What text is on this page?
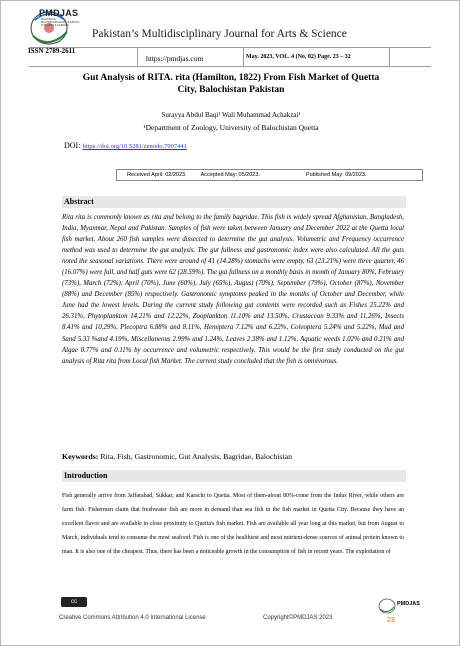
PMDJAS
PAKISTAN'S MULTIDISCIPLINARY JOURNAL FOR ARTS & SCIENCE
Pakistan’s Multidisciplinary Journal for Arts & Science
ISSN 2789-2611
https://pmdjas.com	May. 2023, VOL. 4 (No, 02) Page. 23 – 32
Gut Analysis of RITA. rita (Hamilton, 1822) From Fish Market of Quetta
City, Balochistan Pakistan
Surayya Abdul Baqi¹ Wali Muhammad Achakzai¹
¹Department of Zoology, University of Balochistan Quetta
DOI: https://doi.org/10.5281/zenodo.7907441
Received April: 02/2023.	Accepted May: 05/2023.	Published May: 09/2023.
Abstract
Rita rita is commonly known as rita and belong to the family bagridae. This fish is widely spread Afghanistan, Bangladesh, India, Myanmar, Nepal and Pakistan. Samples of fish were taken between January and December 2022 at the Quetta local fish market. About 260 fish samples were dissected to determine the gut analysis. Volumetric and Frequency occurrence method was used to determine the gut analysis. The gut fullness and gastronomic index were also calculated. All the guts noted the seasonal variations. There were around of 41 (14.28%) stomachs were empty, 63 (23.21%) were three quarter, 46 (16.07%) were full, and half guts were 62 (28.59%). The gut fullness on a monthly basis in month of January 80%, February (73%), March (72%), April (70%), June (60%), July (65%), August (70%), September (79%), October (87%), November (88%) and December (85%) respectively. Gastronomic symptoms peaked in the months of October and December, while June had the lowest levels. During the current study following gut contents were recorded such as Fishes 25.22% and 26.31%, Phytoplankton 14.21% and 12.22%, Zooplankton 11.10% and 13.50%, Crustacean 9.33% and 11.26%, Insects 8.41% and 10.29%, Plecoptra 6.88% and 8.11%, Hemiptera 7.12% and 6.22%, Coleoptera 5.24% and 5.22%, Mud and Sand 5.33 %and 4.19%, Miscellaneous 2.99% and 1.24%, Leaves 2.38% and 1.12%, Aquatic weeds 1.02% and 0.21% and Algae 0.77% and 0.11% by occurrence and volumetric respectively. This would be the first study conducted on the gut analysis of Rita rita from Local fish Market. The current study concluded that the fish is omnivorous.
Keywords: Rita, Fish, Gastronomic, Gut Analysis, Bagridae, Balochistan
Introduction
Fish generally arrive from Jaffarabad, Sukkar, and Karachi to Quetta. Most of them-about 80%-come from the Indus River, while others are farm fish. Fishermen claim that freshwater fish are more in demand than sea fish in the fish market in Quetta City. Because they have an excellent flavor and are available in close proximity to Quetta's fish market. Fish are available all year long at this market, but from August to March, individuals tend to consume the most seafood. Fish is one of the healthiest and most nutrient-dense sources of animal protein known to man. It is also one of the cheapest. Thus, there has been a noticeable growth in the consumption of fish in recent years. The exploitation of
cc
Creative Commons Attribution 4.0 International License	Copyright©PMDJAS 2023
PMDJAS
23
